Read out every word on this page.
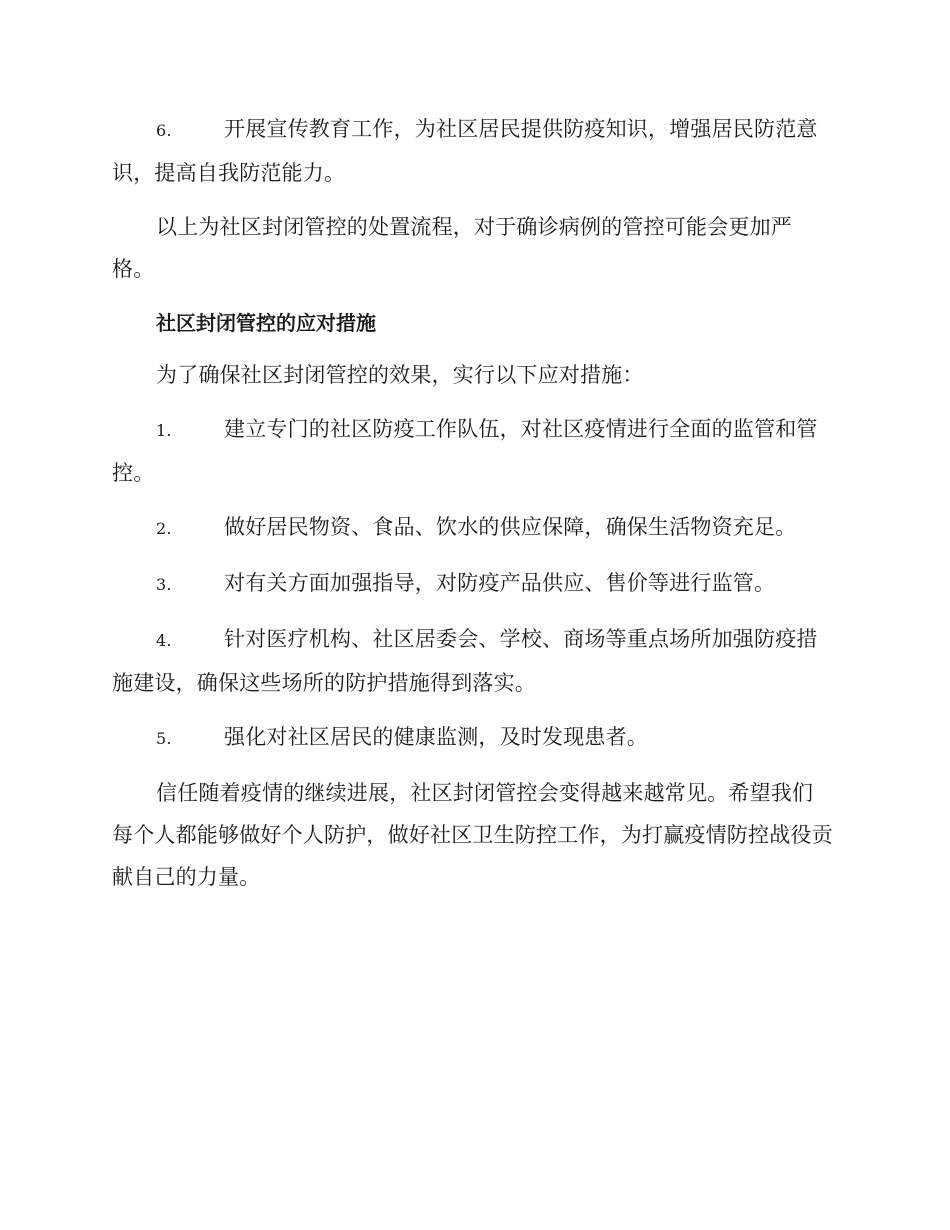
6. 开展宣传教育工作，为社区居民提供防疫知识，增强居民防范意识，提高自我防范能力。

以上为社区封闭管控的处置流程，对于确诊病例的管控可能会更加严格。

社区封闭管控的应对措施

为了确保社区封闭管控的效果，实行以下应对措施：

1. 建立专门的社区防疫工作队伍，对社区疫情进行全面的监管和管控。
2. 做好居民物资、食品、饮水的供应保障，确保生活物资充足。
3. 对有关方面加强指导，对防疫产品供应、售价等进行监管。
4. 针对医疗机构、社区居委会、学校、商场等重点场所加强防疫措施建设，确保这些场所的防护措施得到落实。
5. 强化对社区居民的健康监测，及时发现患者。

信任随着疫情的继续进展，社区封闭管控会变得越来越常见。希望我们每个人都能够做好个人防护，做好社区卫生防控工作，为打赢疫情防控战役贡献自己的力量。
